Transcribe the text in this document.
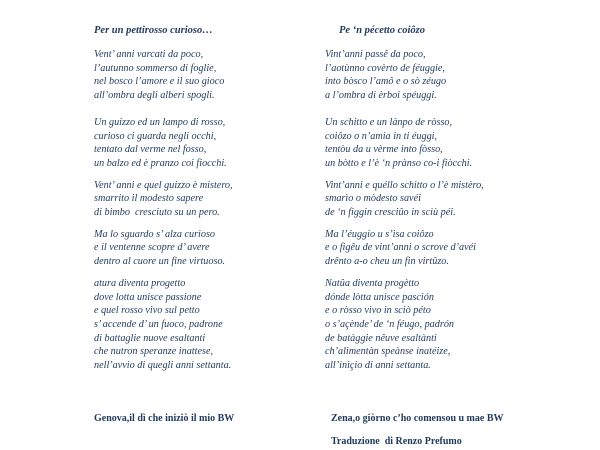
Per un pettirosso curioso…
Vent’ anni varcati da poco,
l’autunno sommerso di foglie,
nel bosco l’amore e il suo gioco
all’ombra degli alberi spogli.
Un guizzo ed un lampo di rosso,
curioso ci guarda negli occhi,
tentato dal verme nel fosso,
un balzo ed è pranzo coi fiocchi.
Vent’ anni e quel guizzo è mistero,
smarrito il modesto sapere
di bimbo  cresciuto su un pero.
Ma lo sguardo s’ alza curioso
e il ventenne scopre d’ avere
dentro al cuore un fine virtuoso.
atura diventa progetto
dove lotta unisce passione
e quel rosso vivo sul petto
s’ accende d’ un fuoco, padrone
di battaglie nuove esaltanti
che nutron speranze inattese,
nell’avvio di quegli anni settanta.
Pe ‘n pécetto coiôzo
Vint’anni passê da poco,
l’aotùnno covèrto de féuggie,
into bòsco l’amô e o sò zéugo
a l’ombra di èrboi spéuggi.
Un schitto e un lànpo de ròsso,
coiôzo o n’amia in ti éuggi,
tentòu da u vèrme into fòsso,
un bòtto e l’è ‘n prànso co-i fiòcchi.
Vint’anni e quéllo schitto o l’è mistèro,
smarìo o mòdesto savéi
de ‘n figgin cresciûo in sciù péi.
Ma l’éuggio u s’isa coiôzo
e o figêu de vint’anni o scrove d’avéi
drênto a-o cheu un fin virtûzo.
Natûa diventa progètto
dónde lòtta unisce pasción
e o ròsso vivo in sciò péto
o s’açènde’ de ‘n féugo, padrón
de batàggie nêuve esaltànti
ch’alimentàn speànse inatéize,
all’inìçio di anni settanta.
Genova,il dì che iniziò il mio BW	Zena,o giòrno c’ho comensou u mae BW
Traduzione  di Renzo Prefumo
